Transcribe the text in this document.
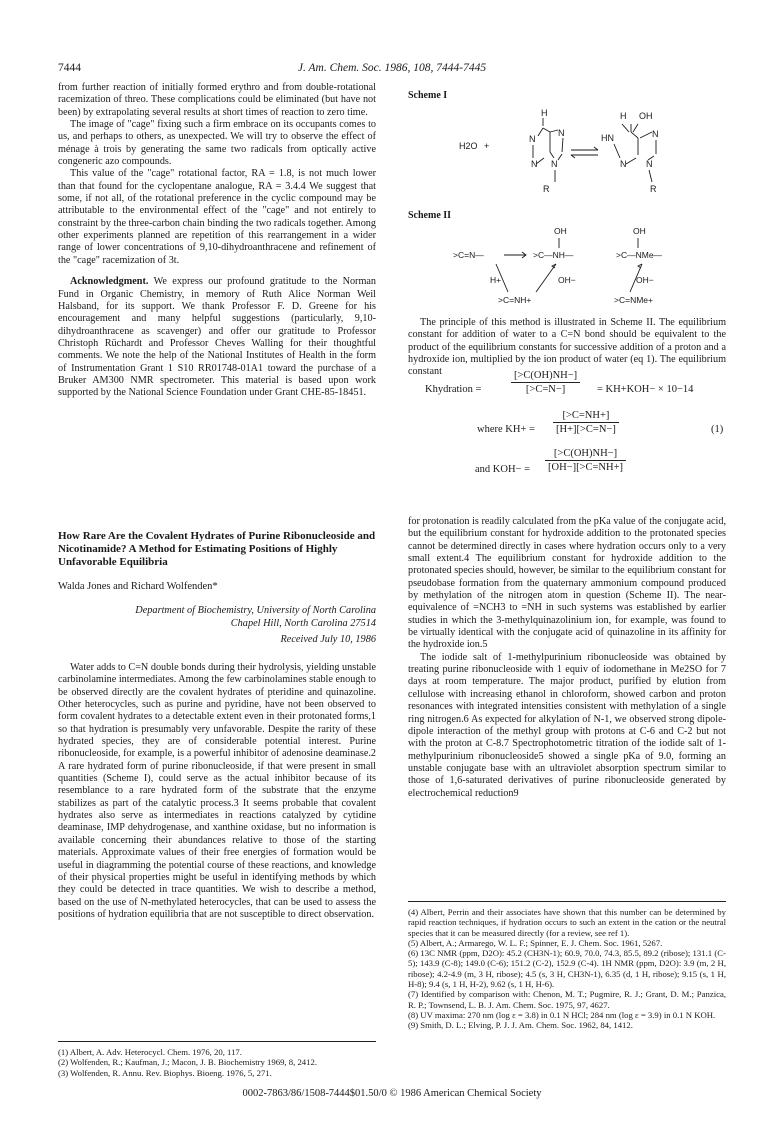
7444	J. Am. Chem. Soc. 1986, 108, 7444-7445

from further reaction of initially formed erythro and from double-rotational racemization of threo. These complications could be eliminated (but have not been) by extrapolating several results at short times of reaction to zero time.

The image of "cage" fixing such a firm embrace on its occupants comes to us, and perhaps to others, as unexpected. We will try to observe the effect of ménage à trois by generating the same two radicals from optically active congeneric azo compounds.

This value of the "cage" rotational factor, RA = 1.8, is not much lower than that found for the cyclopentane analogue, RA = 3.4.4 We suggest that some, if not all, of the rotational preference in the cyclic compound may be attributable to the environmental effect of the "cage" and not entirely to constraint by the three-carbon chain binding the two radicals together. Among other experiments planned are repetition of this rearrangement in a wider range of lower concentrations of 9,10-dihydroanthracene and refinement of the "cage" racemization of 3t.

Acknowledgment. We express our profound gratitude to the Norman Fund in Organic Chemistry, in memory of Ruth Alice Norman Weil Halsband, for its support. We thank Professor F. D. Greene for his encouragement and many helpful suggestions (particularly, 9,10-dihydroanthracene as scavenger) and offer our gratitude to Professor Christoph Rüchardt and Professor Cheves Walling for their thoughtful comments. We note the help of the National Institutes of Health in the form of Instrumentation Grant 1 S10 RR01748-01A1 toward the purchase of a Bruker AM300 NMR spectrometer. This material is based upon work supported by the National Science Foundation under Grant CHE-85-18451.

How Rare Are the Covalent Hydrates of Purine Ribonucleoside and Nicotinamide? A Method for Estimating Positions of Highly Unfavorable Equilibria
Walda Jones and Richard Wolfenden*
Department of Biochemistry, University of North Carolina
Chapel Hill, North Carolina 27514
Received July 10, 1986

Water adds to C=N double bonds during their hydrolysis, yielding unstable carbinolamine intermediates. Among the few carbinolamines stable enough to be observed directly are the covalent hydrates of pteridine and quinazoline. Other heterocycles, such as purine and pyridine, have not been observed to form covalent hydrates to a detectable extent even in their protonated forms,1 so that hydration is presumably very unfavorable. Despite the rarity of these hydrated species, they are of considerable potential interest. Purine ribonucleoside, for example, is a powerful inhibitor of adenosine deaminase.2 A rare hydrated form of purine ribonucleoside, if that were present in small quantities (Scheme I), could serve as the actual inhibitor because of its resemblance to a rare hydrated form of the substrate that the enzyme stabilizes as part of the catalytic process.3 It seems probable that covalent hydrates also serve as intermediates in reactions catalyzed by cytidine deaminase, IMP dehydrogenase, and xanthine oxidase, but no information is available concerning their abundances relative to those of the starting materials. Approximate values of their free energies of formation would be useful in diagramming the potential course of these reactions, and knowledge of their physical properties might be useful in identifying methods by which they could be detected in trace quantities. We wish to describe a method, based on the use of N-methylated heterocycles, that can be used to assess the positions of hydration equilibria that are not susceptible to direct observation.

(1) Albert, A. Adv. Heterocycl. Chem. 1976, 20, 117.
(2) Wolfenden, R.; Kaufman, J.; Macon, J. B. Biochemistry 1969, 8, 2412.
(3) Wolfenden, R. Annu. Rev. Biophys. Bioeng. 1976, 5, 271.
Scheme I
H2O +
H
N
N
N N
R
H OH
HN	N
N N
R
Scheme II
OH	OH
>C=N—	>C—NH—	>C—NMe—
H+	OH−	OH−
>C=NH+	>C=NMe+

The principle of this method is illustrated in Scheme II. The equilibrium constant for addition of water to a C=N bond should be equivalent to the product of the equilibrium constants for successive addition of a proton and a hydroxide ion, multiplied by the ion product of water (eq 1). The equilibrium constant

Khydration =	$\frac{[>C(OH)NH-]}{[>C=N-]} = KH+KOH- \times 10-14$
where $KH+ = \frac{[>C=NH+]}{[H+][>C=N-]}$	(1)
and $KOH- = \frac{[>C(OH)NH-]}{[OH-][>C=NH+]}$

for protonation is readily calculated from the pKa value of the conjugate acid, but the equilibrium constant for hydroxide addition to the protonated species cannot be determined directly in cases where hydration occurs only to a very small extent.4 The equilibrium constant for hydroxide addition to the protonated species should, however, be similar to the equilibrium constant for pseudobase formation from the quaternary ammonium compound produced by methylation of the nitrogen atom in question (Scheme II). The near-equivalence of =NCH3 to =NH in such systems was established by earlier studies in which the 3-methylquinazolinium ion, for example, was found to be virtually identical with the conjugate acid of quinazoline in its affinity for the hydroxide ion.5

The iodide salt of 1-methylpurinium ribonucleoside was obtained by treating purine ribonucleoside with 1 equiv of iodomethane in Me2SO for 7 days at room temperature. The major product, purified by elution from cellulose with increasing ethanol in chloroform, showed carbon and proton resonances with integrated intensities consistent with methylation of a single ring nitrogen.6 As expected for alkylation of N-1, we observed strong dipole-dipole interaction of the methyl group with protons at C-6 and C-2 but not with the proton at C-8.7 Spectrophotometric titration of the iodide salt of 1-methylpurinium ribonucleoside5 showed a single pKa of 9.0, forming an unstable conjugate base with an ultraviolet absorption spectrum similar to those of 1,6-saturated derivatives of purine ribonucleoside generated by electrochemical reduction9

(4) Albert, Perrin and their associates have shown that this number can be determined by rapid reaction techniques, if hydration occurs to such an extent in the cation or the neutral species that it can be measured directly (for a review, see ref 1).
(5) Albert, A.; Armarego, W. L. F.; Spinner, E. J. Chem. Soc. 1961, 5267.
(6) 13C NMR (ppm, D2O): 45.2 (CH3N-1); 60.9, 70.0, 74.3, 85.5, 89.2 (ribose); 131.1 (C-5); 143.9 (C-8); 149.0 (C-6); 151.2 (C-2), 152.9 (C-4). 1H NMR (ppm, D2O): 3.9 (m, 2 H, ribose); 4.2-4.9 (m, 3 H, ribose); 4.5 (s, 3 H, CH3N-1), 6.35 (d, 1 H, ribose); 9.15 (s, 1 H, H-8); 9.4 (s, 1 H, H-2), 9.62 (s, 1 H, H-6).
(7) Identified by comparison with: Chenon, M. T.; Pugmire, R. J.; Grant, D. M.; Panzica, R. P.; Townsend, L. B. J. Am. Chem. Soc. 1975, 97, 4627.
(8) UV maxima: 270 nm (log ε = 3.8) in 0.1 N HCl; 284 nm (log ε = 3.9) in 0.1 N KOH.
(9) Smith, D. L.; Elving, P. J. J. Am. Chem. Soc. 1962, 84, 1412.
0002-7863/86/1508-7444$01.50/0 © 1986 American Chemical Society
